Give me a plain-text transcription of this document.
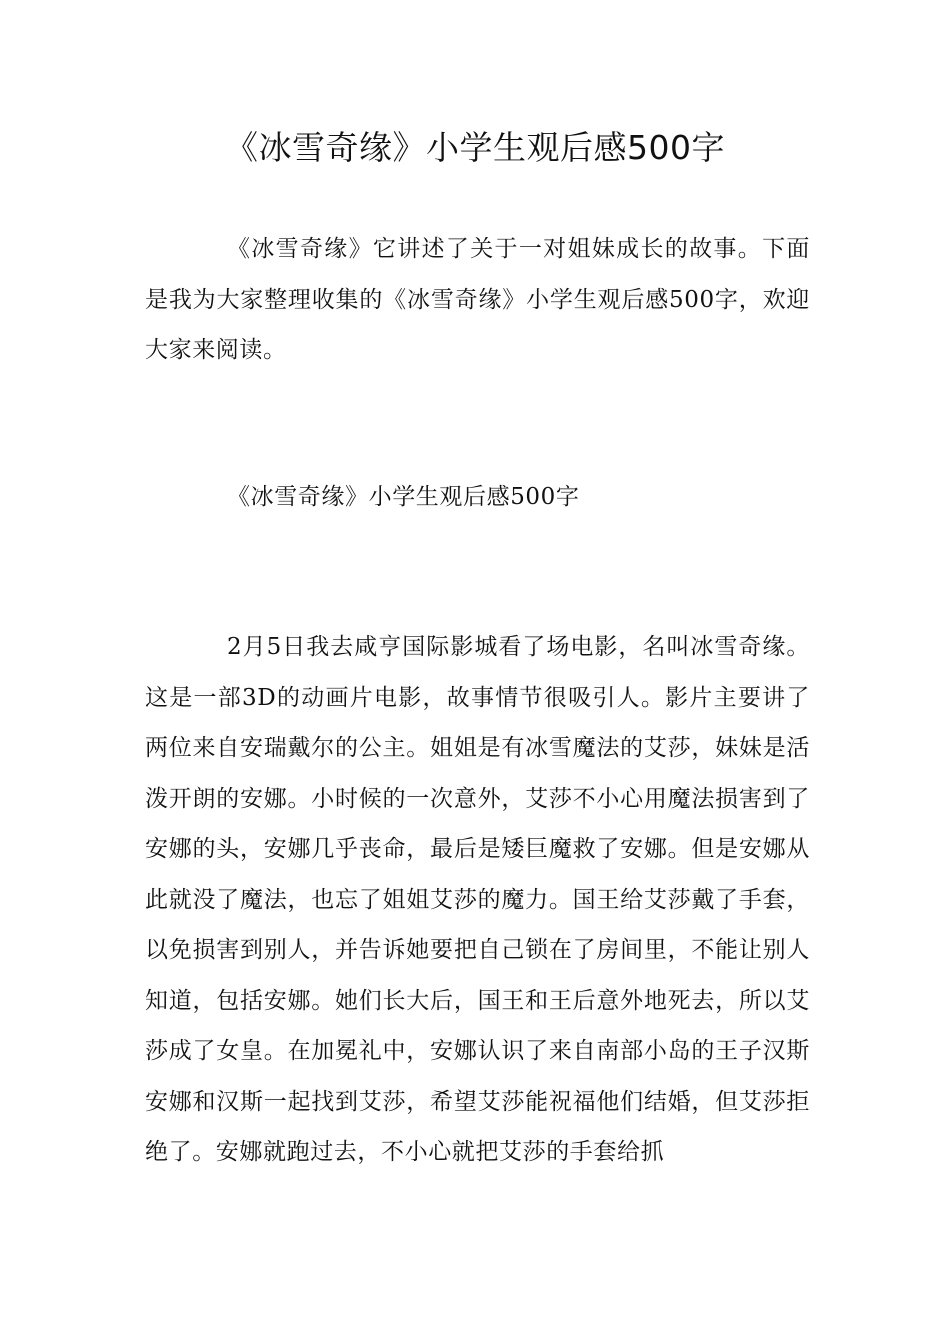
《冰雪奇缘》小学生观后感500字

《冰雪奇缘》它讲述了关于一对姐妹成长的故事。下面是我为大家整理收集的《冰雪奇缘》小学生观后感500字，欢迎大家来阅读。

《冰雪奇缘》小学生观后感500字

2月5日我去咸亨国际影城看了场电影，名叫冰雪奇缘。这是一部3D的动画片电影，故事情节很吸引人。影片主要讲了两位来自安瑞戴尔的公主。姐姐是有冰雪魔法的艾莎，妹妹是活泼开朗的安娜。小时候的一次意外，艾莎不小心用魔法损害到了安娜的头，安娜几乎丧命，最后是矮巨魔救了安娜。但是安娜从此就没了魔法，也忘了姐姐艾莎的魔力。国王给艾莎戴了手套，以免损害到别人，并告诉她要把自己锁在了房间里，不能让别人知道，包括安娜。她们长大后，国王和王后意外地死去，所以艾莎成了女皇。在加冕礼中，安娜认识了来自南部小岛的王子汉斯安娜和汉斯一起找到艾莎，希望艾莎能祝福他们结婚，但艾莎拒绝了。安娜就跑过去，不小心就把艾莎的手套给抓
